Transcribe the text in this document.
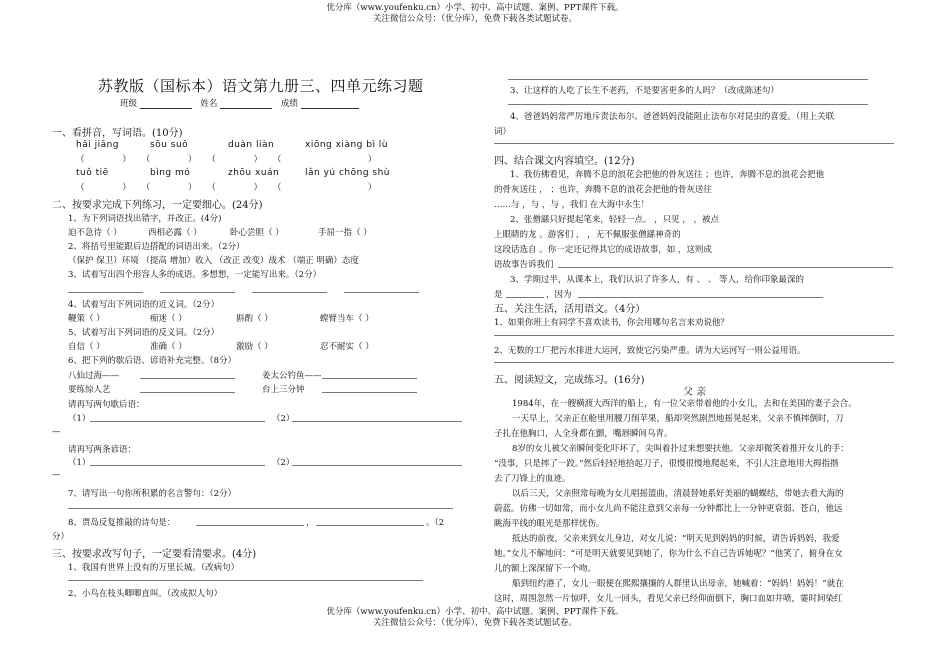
优分库（www.youfenku.cn）小学、初中、高中试题、案例、PPT课件下载。
关注微信公众号：（优分库），免费下载各类试题试卷。
苏教版（国标本）语文第九册三、四单元练习题
班级	姓名	成绩
一、看拼音，写词语。(10分)
hǎi jiāng	sōu suǒ	duàn liàn	xiōng xiàng bì lù
（              ）    （              ）    （              ）    （                                ）
tuǒ tiē	bìng mó	zhōu xuán	lǎn yú chōng shù
（              ）    （              ）    （              ）    （                                ）
二、按要求完成下列练习，一定要细心。(24分)
1、为下列词语找出错字，并改正。(4分)
迫不急待（ ）	西相必露（ ）	卧心尝胆（ ）	手屈一指（ ）
2、将括号里能跟后边搭配的词语出来。（2分）
（保护 保卫）环境 （提高 增加）收入 （改正 改变）战术 （端正 明确）态度
3、试着写出四个形容人多的成语。多想想，一定能写出来。（2分）
4、试着写出下列词语的近义词。（2分）
鞭策（ ）	痴迷（ ）	斟酌（ ）	螳臂当车（ ）
5、试着写出下列词语的反义词。（2分）
自信（ ）	准确（ ）	激励（ ）	忍不耐实（ ）
6、把下列的歇后语、谚语补充完整。（8分）
八仙过海——	姜太公钓鱼——
要练惊人艺	台上三分钟
请再写两句歇后语：
（1）	（2）
—
请再写两条谚语：
（1）	（2）
—
7、请写出一句你所积累的名言警句：（2分）
8、贾岛反复推敲的诗句是：	，	。（2
分）
三、按要求改写句子，一定要看清要求。(4分)
1、我国有世界上没有的万里长城。（改病句）
2、小鸟在枝头唧唧直叫。（改成拟人句）
3、让这样的人吃了长生不老药，不是要害更多的人吗？（改成陈述句）
4、爸爸妈妈常严厉地斥责法布尔。爸爸妈妈没能阻止法布尔对昆虫的喜爱。（用上关联
词）
四、结合课文内容填空。(12分)
1、我仿佛看见，奔腾不息的浪花会把他的骨灰送往 ；也许，奔腾不息的浪花会把他
的骨灰送往 ， ；也许，奔腾不息的浪花会把他的骨灰送往
……与 ，与 ，与 ，我们 在大海中永生！
2、张僧繇只好提起笔来，轻轻一点。 ，只见 ， ，被点
上眼睛的龙 。游客们 ， ，无不佩服张僧繇神奇的
这段话选自 。你一定还记得其它的成语故事，如 ，这则成
语故事告诉我们
3、学期过半，从课本上，我们认识了许多人，有 、 、 等人，给你印象最深的
是	，因为
五、关注生活，活用语文。（4分）
1、如果你班上有同学不喜欢读书，你会用哪句名言来劝说他？
2、无数的工厂把污水排进大运河，致使它污染严重。请为大运河写一则公益用语。
五、阅读短文，完成练习。(16分)
父 亲
1984年，在一艘横渡大西洋的船上，有一位父亲带着他的小女儿，去和在美国的妻子会合。
一天早上，父亲正在舱里用腰刀削苹果，船却突然剧烈地摇晃起来，父亲不慎摔倒时，刀
子扎在他胸口，人全身都在颤，嘴唇瞬间乌青。
8岁的女儿被父亲瞬间变化吓坏了，尖叫着扑过来想要扶他。父亲却微笑着推开女儿的手：
“没事，只是摔了一跤。”然后轻轻地拾起刀子，很慢很慢地爬起来，不引人注意地用大拇指揩
去了刀锋上的血迹。
以后三天，父亲照常每晚为女儿唱摇篮曲，清晨替她系好美丽的蝴蝶结，带她去看大海的
蔚蓝。仿佛一切如常，而小女儿尚不能注意到父亲每一分钟都比上一分钟更衰弱、苍白，他远
眺海平线的眼光是那样忧伤。
抵达的前夜，父亲来到女儿身边，对女儿说：“明天见到妈妈的时候，请告诉妈妈，我爱
她。”女儿不解地问：“可是明天就要见到她了，你为什么不自己告诉她呢？”他笑了，俯身在女
儿的额上深深留下一个吻。
船到纽约港了，女儿一眼便在熙熙攘攘的人群里认出母亲，她喊着：“妈妈！妈妈！”就在
这时，周围忽然一片惊呼，女儿一回头，看见父亲已经仰面倒下，胸口血如井喷，霎时间染红
优分库（www.youfenku.cn）小学、初中、高中试题、案例、PPT课件下载。
关注微信公众号：（优分库），免费下载各类试题试卷。
